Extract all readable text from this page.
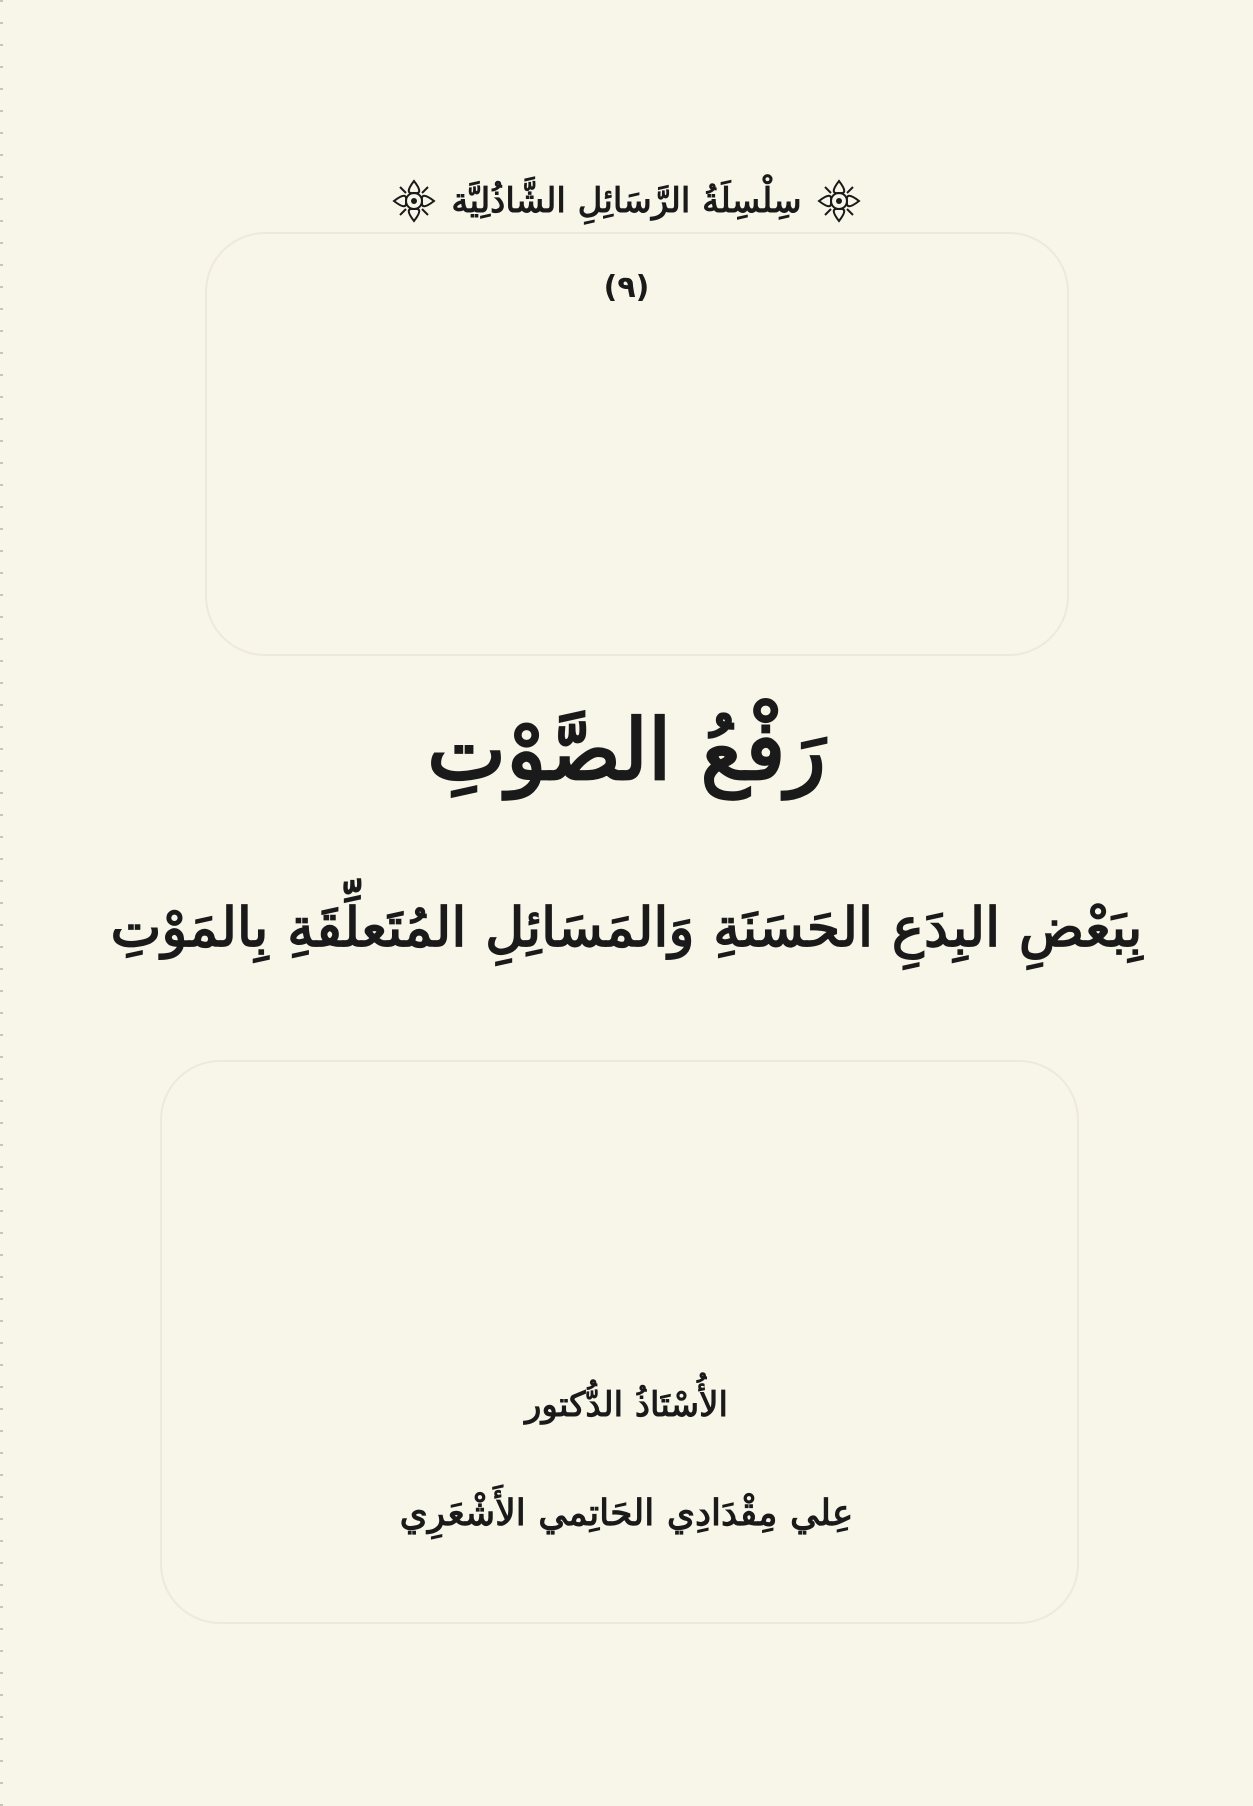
سِلْسِلَةُ الرَّسَائِلِ الشَّاذُلِيَّة
(٩)
رَفْعُ الصَّوْتِ
بِبَعْضِ البِدَعِ الحَسَنَةِ وَالمَسَائِلِ المُتَعلِّقَةِ بِالمَوْتِ
الأُسْتَاذُ الدُّكتور
عِلي مِقْدَادِي الحَاتِمي الأَشْعَرِي
